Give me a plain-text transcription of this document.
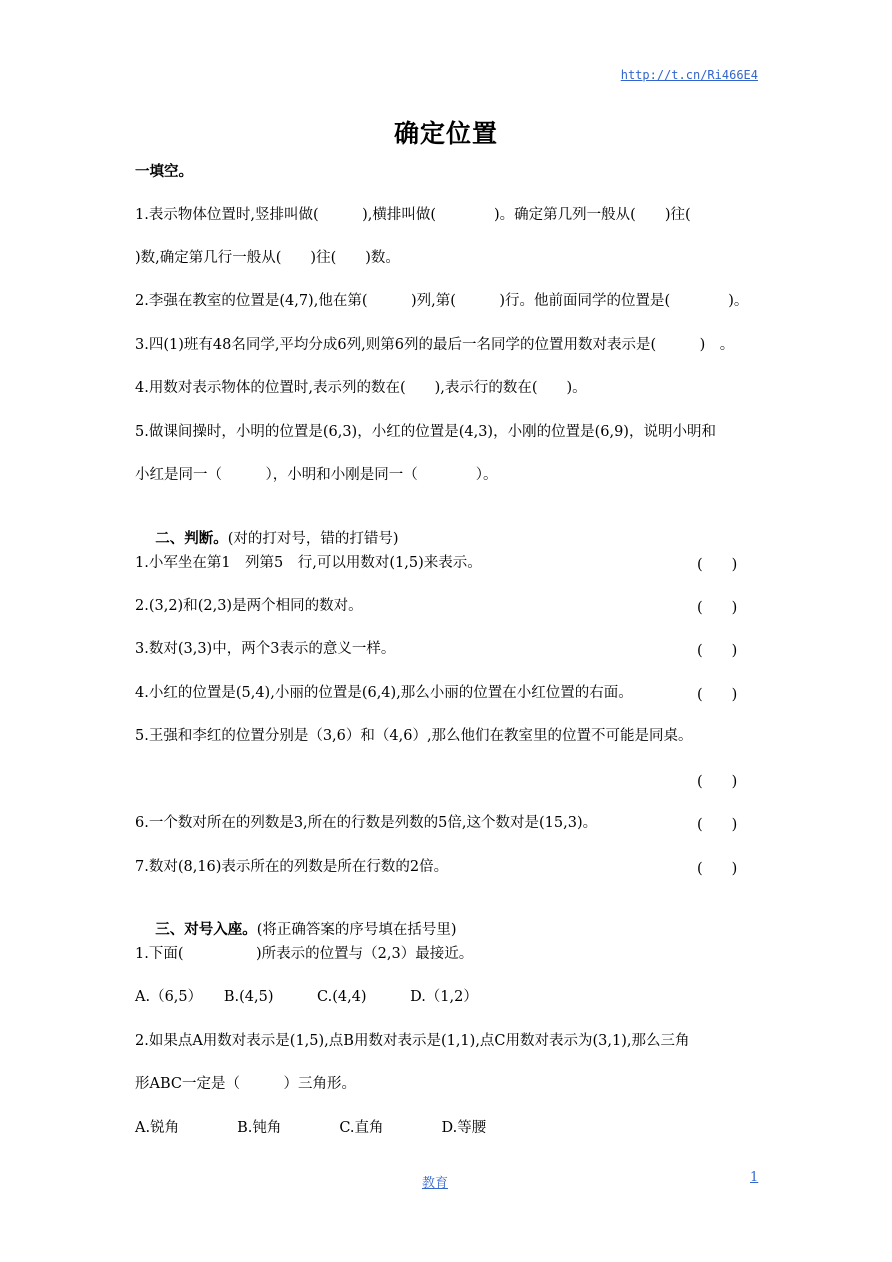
http://t.cn/Ri466E4
确定位置
一填空。
1.表示物体位置时,竖排叫做(　　　),横排叫做(　　　　)。确定第几列一般从(　　)往(
)数,确定第几行一般从(　　)往(　　)数。
2.李强在教室的位置是(4,7),他在第(　　　)列,第(　　　)行。他前面同学的位置是(　　　　)。
3.四(1)班有48名同学,平均分成6列,则第6列的最后一名同学的位置用数对表示是(　　　)　。
4.用数对表示物体的位置时,表示列的数在(　　),表示行的数在(　　)。
5.做课间操时，小明的位置是(6,3)，小红的位置是(4,3)，小刚的位置是(6,9)，说明小明和
小红是同一（　　　），小明和小刚是同一（　　　　）。

二、判断。(对的打对号，错的打错号)

1.小军坐在第1　列第5　行,可以用数对(1,5)来表示。	(　　)
2.(3,2)和(2,3)是两个相同的数对。	(　　)
3.数对(3,3)中，两个3表示的意义一样。	(　　)
4.小红的位置是(5,4),小丽的位置是(6,4),那么小丽的位置在小红位置的右面。	(　　)
5.王强和李红的位置分别是（3,6）和（4,6）,那么他们在教室里的位置不可能是同桌。
(　　)
6.一个数对所在的列数是3,所在的行数是列数的5倍,这个数对是(15,3)。	(　　)
7.数对(8,16)表示所在的列数是所在行数的2倍。	(　　)

三、对号入座。(将正确答案的序号填在括号里)

1.下面(　　　　　)所表示的位置与（2,3）最接近。
A.（6,5）　　B.(4,5)　　　C.(4,4)　　　D.（1,2）
2.如果点A用数对表示是(1,5),点B用数对表示是(1,1),点C用数对表示为(3,1),那么三角
形ABC一定是（　　　）三角形。
A.锐角　　　　B.钝角　　　　C.直角　　　　D.等腰
教育	1
